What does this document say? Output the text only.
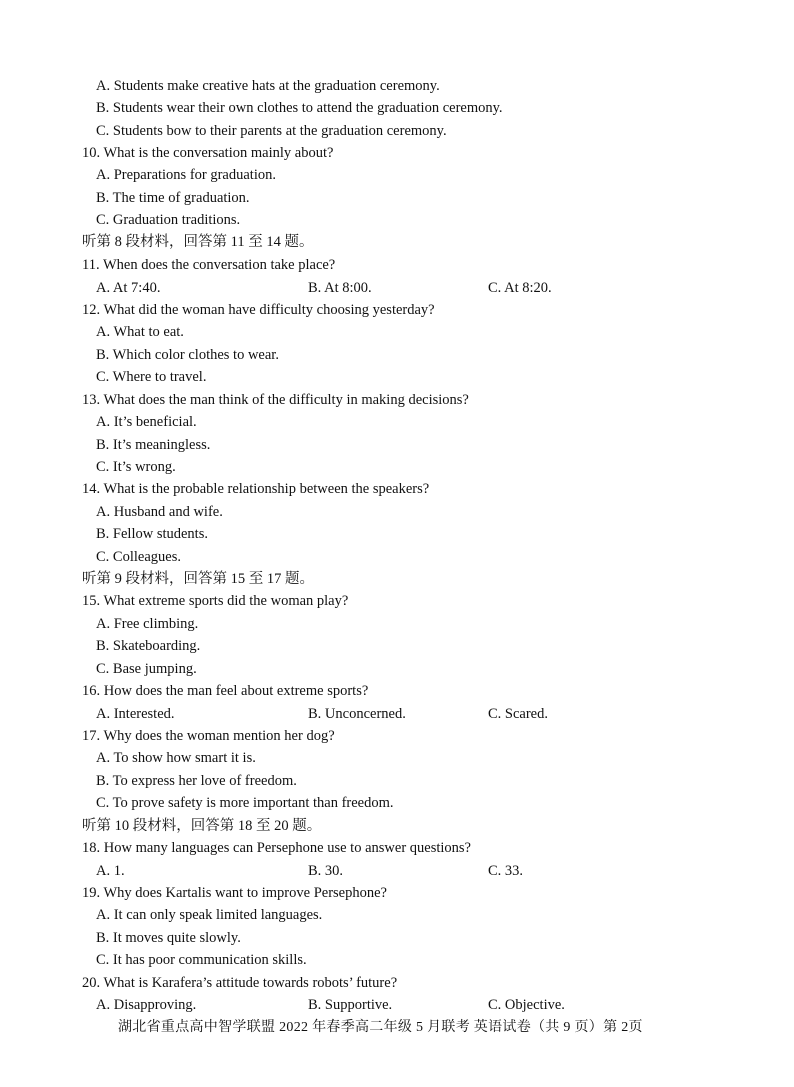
A. Students make creative hats at the graduation ceremony.
B. Students wear their own clothes to attend the graduation ceremony.
C. Students bow to their parents at the graduation ceremony.
10. What is the conversation mainly about?
A. Preparations for graduation.
B. The time of graduation.
C. Graduation traditions.
听第 8 段材料，回答第 11 至 14 题。
11. When does the conversation take place?
A. At 7:40.	B. At 8:00.	C. At 8:20.
12. What did the woman have difficulty choosing yesterday?
A. What to eat.
B. Which color clothes to wear.
C. Where to travel.
13. What does the man think of the difficulty in making decisions?
A. It’s beneficial.
B. It’s meaningless.
C. It’s wrong.
14. What is the probable relationship between the speakers?
A. Husband and wife.
B. Fellow students.
C. Colleagues.
听第 9 段材料，回答第 15 至 17 题。
15. What extreme sports did the woman play?
A. Free climbing.
B. Skateboarding.
C. Base jumping.
16. How does the man feel about extreme sports?
A. Interested.	B. Unconcerned.	C. Scared.
17. Why does the woman mention her dog?
A. To show how smart it is.
B. To express her love of freedom.
C. To prove safety is more important than freedom.
听第 10 段材料，回答第 18 至 20 题。
18. How many languages can Persephone use to answer questions?
A. 1.	B. 30.	C. 33.
19. Why does Kartalis want to improve Persephone?
A. It can only speak limited languages.
B. It moves quite slowly.
C. It has poor communication skills.
20. What is Karafera’s attitude towards robots’ future?
A. Disapproving.	B. Supportive.	C. Objective.
湖北省重点高中智学联盟 2022 年春季高二年级 5 月联考 英语试卷（共 9 页）第 2页
